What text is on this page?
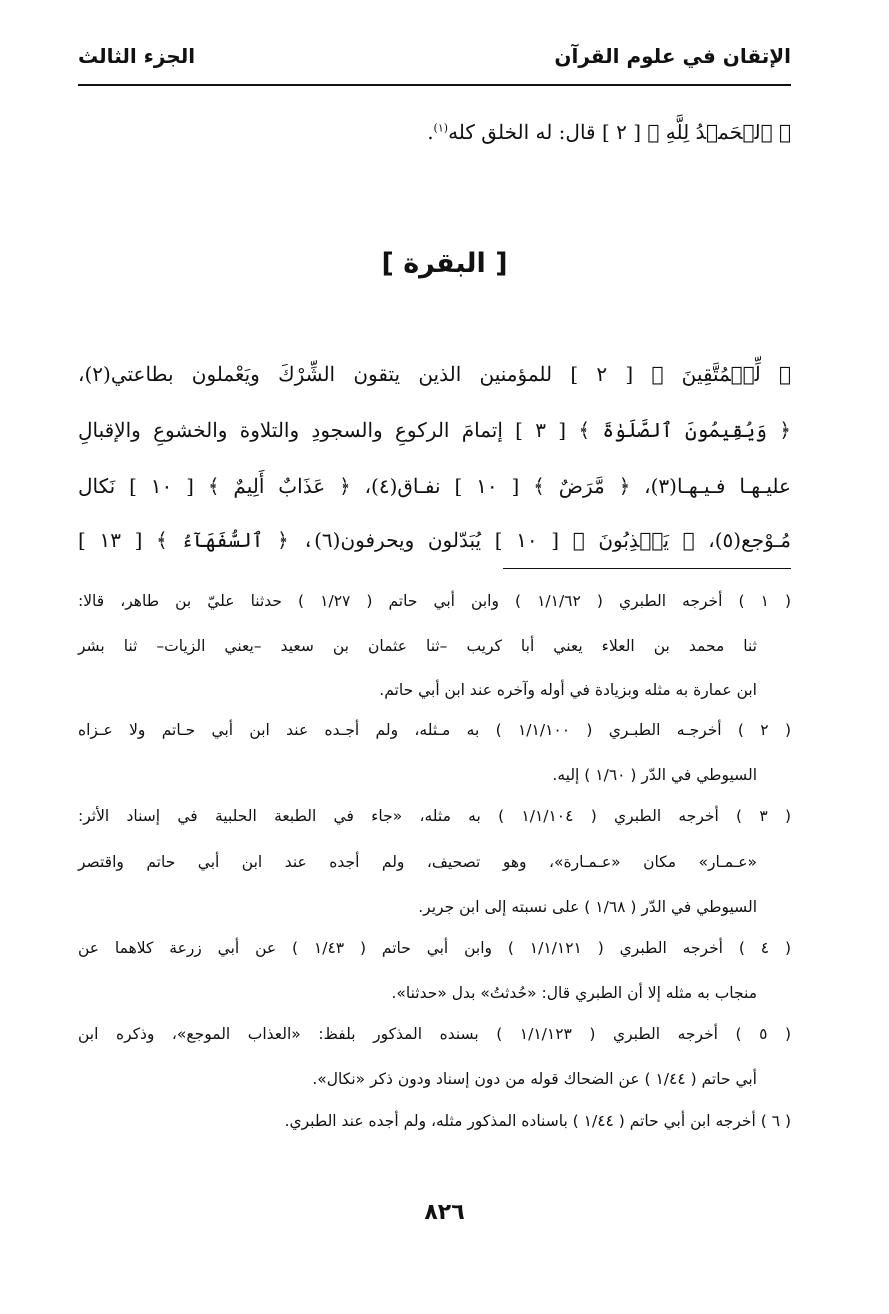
الإتقان في علوم القرآن
الجزء الثالث
﴿ ٱلۡحَمۡدُ لِلَّهِ ﴾ [ ٢ ] قال: له الخلق كله$^{(١)}$.
[ البقرة ]
﴿ لِّلۡمُتَّقِينَ ﴾ [ ٢ ] للمؤمنين الذين يتقون الشِّرْكَ ويَعْملون بطاعتي(٢)،
﴿ وَيُقِيمُونَ ٱلصَّلَوٰةَ ﴾ [ ٣ ] إتمامَ الركوعِ والسجودِ والتلاوة والخشوعِ والإقبالِ
عليـهـا فـيـهـا(٣)، ﴿ مَّرَضٌ ﴾ [ ١٠ ] نفـاق(٤)، ﴿ عَذَابٌ أَلِيمٌ ﴾ [ ١٠ ] نَكال
مُـوْجع(٥)، ﴿ يَكۡذِبُونَ ﴾ [ ١٠ ] يُبَدّلون ويحرفون(٦)، ﴿ ٱلسُّفَهَآءُ ﴾ [ ١٣ ]
( ١ ) أخرجه الطبري ( ١/١/٦٢ ) وابن أبي حاتم ( ١/٢٧ ) حدثنا عليّ بن طاهر، قالا:
ثنا محمد بن العلاء يعني أبا كريب –ثنا عثمان بن سعيد –يعني الزيات– ثنا بشر
ابن عمارة به مثله وبزيادة في أوله وآخره عند ابن أبي حاتم.
( ٢ ) أخرجـه الطبـري ( ١/١/١٠٠ ) به مـثله، ولم أجـده عند ابن أبي حـاتم ولا عـزاه
السيوطي في الدّر ( ١/٦٠ ) إليه.
( ٣ ) أخرجه الطبري ( ١/١/١٠٤ ) به مثله، «جاء في الطبعة الحلبية في إسناد الأثر:
«عـمـار» مكان «عـمـارة»، وهو تصحيف، ولم أجده عند ابن أبي حاتم واقتصر
السيوطي في الدّر ( ١/٦٨ ) على نسبته إلى ابن جرير.
( ٤ ) أخرجه الطبري ( ١/١/١٢١ ) وابن أبي حاتم ( ١/٤٣ ) عن أبي زرعة كلاهما عن
منجاب به مثله إلا أن الطبري قال: «حُدثتُ» بدل «حدثنا».
( ٥ ) أخرجه الطبري ( ١/١/١٢٣ ) بسنده المذكور بلفظ: «العذاب الموجع»، وذكره ابن
أبي حاتم ( ١/٤٤ ) عن الضحاك قوله من دون إسناد ودون ذكر «نكال».
( ٦ ) أخرجه ابن أبي حاتم ( ١/٤٤ ) باسناده المذكور مثله، ولم أجده عند الطبري.
٨٢٦
